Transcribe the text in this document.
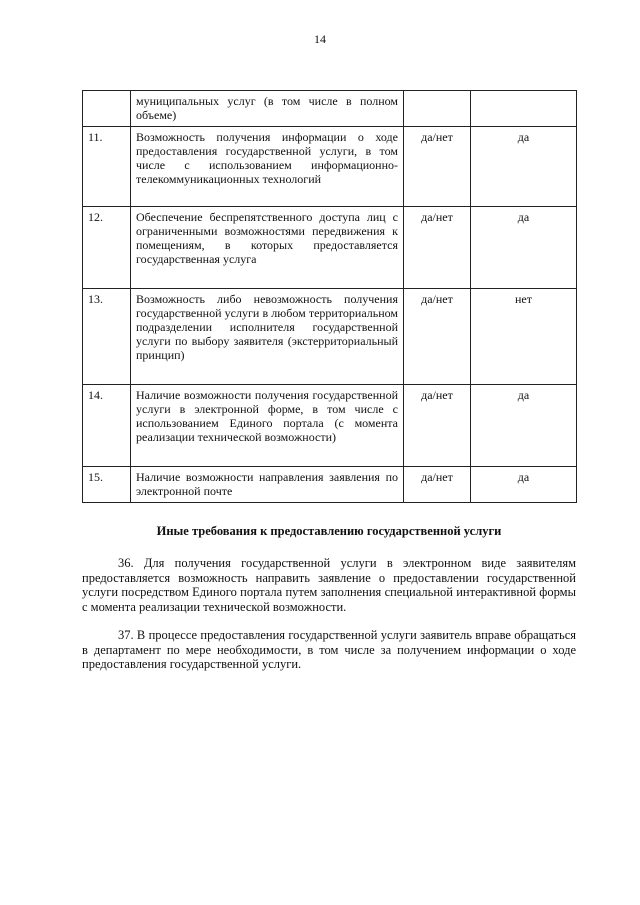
14
	муниципальных услуг (в том числе в полном объеме)		
11.	Возможность получения информации о ходе предоставления государственной услуги, в том числе с использованием информационно-телекоммуникационных технологий	да/нет	да
12.	Обеспечение беспрепятственного доступа лиц с ограниченными возможностями передвижения к помещениям, в которых предоставляется государственная услуга	да/нет	да
13.	Возможность либо невозможность получения государственной услуги в любом территориальном подразделении исполнителя государственной услуги по выбору заявителя (экстерриториальный принцип)	да/нет	нет
14.	Наличие возможности получения государственной услуги в электронной форме, в том числе с использованием Единого портала (с момента реализации технической возможности)	да/нет	да
15.	Наличие возможности направления заявления по электронной почте	да/нет	да
Иные требования к предоставлению государственной услуги

36. Для получения государственной услуги в электронном виде заявителям предоставляется возможность направить заявление о предоставлении государственной услуги посредством Единого портала путем заполнения специальной интерактивной формы с момента реализации технической возможности.

37. В процессе предоставления государственной услуги заявитель вправе обращаться в департамент по мере необходимости, в том числе за получением информации о ходе предоставления государственной услуги.
